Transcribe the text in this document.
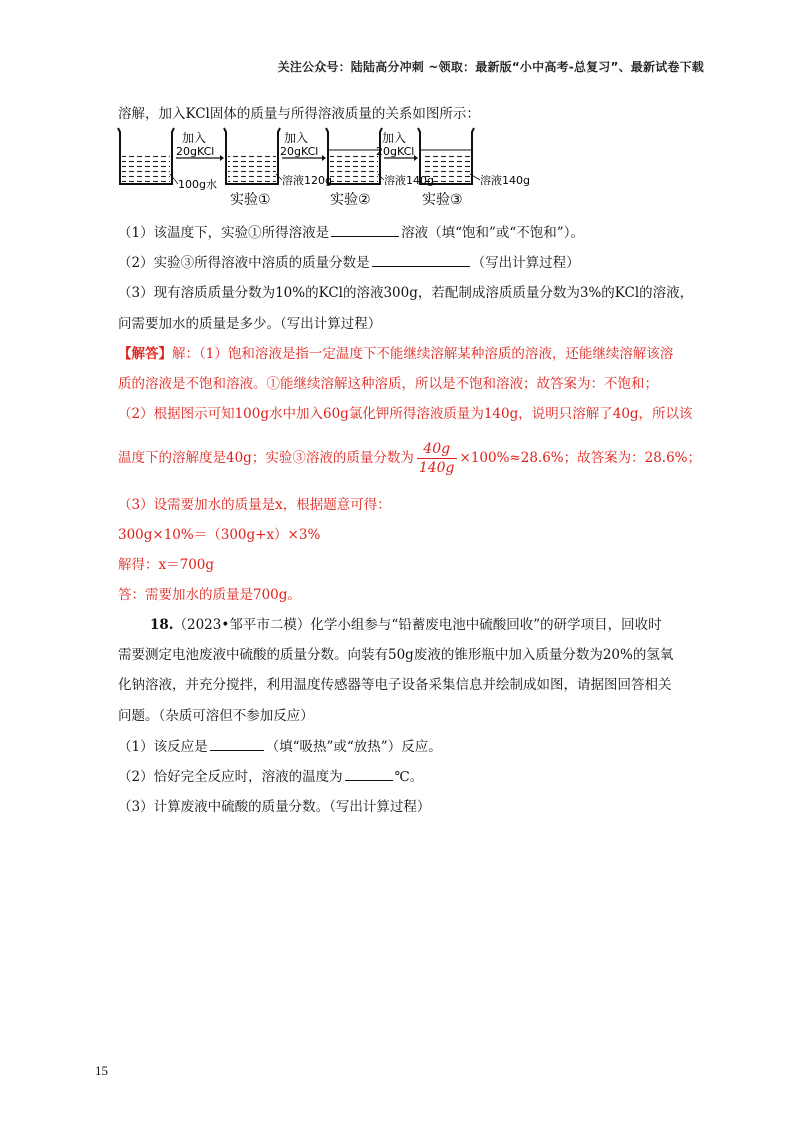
关注公众号：陆陆高分冲刺 ~领取：最新版“小中高考-总复习”、最新试卷下载
溶解，加入KCl固体的质量与所得溶液质量的关系如图所示：
加入
20gKCl
加入
20gKCl
加入
20gKCl
100g水	溶液120g	溶液140g	溶液140g
实验①	实验②	实验③
（1）该温度下，实验①所得溶液是	溶液（填“饱和”或“不饱和”）。
（2）实验③所得溶液中溶质的质量分数是	（写出计算过程）
（3）现有溶质质量分数为10%的KCl的溶液300g，若配制成溶质质量分数为3%的KCl的溶液，
问需要加水的质量是多少。（写出计算过程）
【解答】解：（1）饱和溶液是指一定温度下不能继续溶解某种溶质的溶液，还能继续溶解该溶
质的溶液是不饱和溶液。①能继续溶解这种溶质，所以是不饱和溶液；故答案为：不饱和；
（2）根据图示可知100g水中加入60g氯化钾所得溶液质量为140g，说明只溶解了40g，所以该
温度下的溶解度是40g；实验③溶液的质量分数为 $\frac{40g}{140g} \times 100\%\approx 28.6\%$；故答案为：28.6%；
（3）设需要加水的质量是x，根据题意可得：
300g×10%＝（300g+x）×3%
解得：x＝700g
答：需要加水的质量是700g。
18.（2023•邹平市二模）化学小组参与“铅蓄废电池中硫酸回收”的研学项目，回收时
需要测定电池废液中硫酸的质量分数。向装有50g废液的锥形瓶中加入质量分数为20%的氢氧
化钠溶液，并充分搅拌，利用温度传感器等电子设备采集信息并绘制成如图，请据图回答相关
问题。（杂质可溶但不参加反应）
（1）该反应是	（填“吸热”或“放热”）反应。
（2）恰好完全反应时，溶液的温度为	℃。
（3）计算废液中硫酸的质量分数。（写出计算过程）
15
